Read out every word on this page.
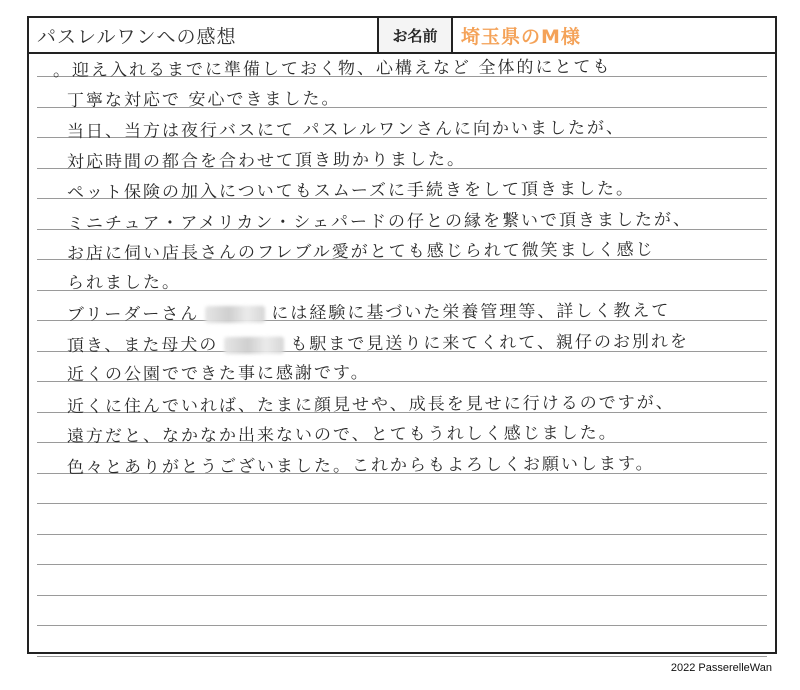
パスレルワンへの感想	お名前	埼玉県のM様
。迎え入れるまでに準備しておく物、心構えなど 全体的にとても
丁寧な対応で 安心できました。
当日、当方は夜行バスにて パスレルワンさんに向かいましたが、
対応時間の都合を合わせて頂き助かりました。
ペット保険の加入についてもスムーズに手続きをして頂きました。
ミニチュア・アメリカン・シェパードの仔との縁を繋いで頂きましたが、
お店に伺い店長さんのフレブル愛がとても感じられて微笑ましく感じ
られました。
ブリーダーさん	には経験に基づいた栄養管理等、詳しく教えて
頂き、また母犬の	も駅まで見送りに来てくれて、親仔のお別れを
近くの公園でできた事に感謝です。
近くに住んでいれば、たまに顔見せや、成長を見せに行けるのですが、
遠方だと、なかなか出来ないので、とてもうれしく感じました。
色々とありがとうございました。これからもよろしくお願いします。
2022 PasserelleWan
